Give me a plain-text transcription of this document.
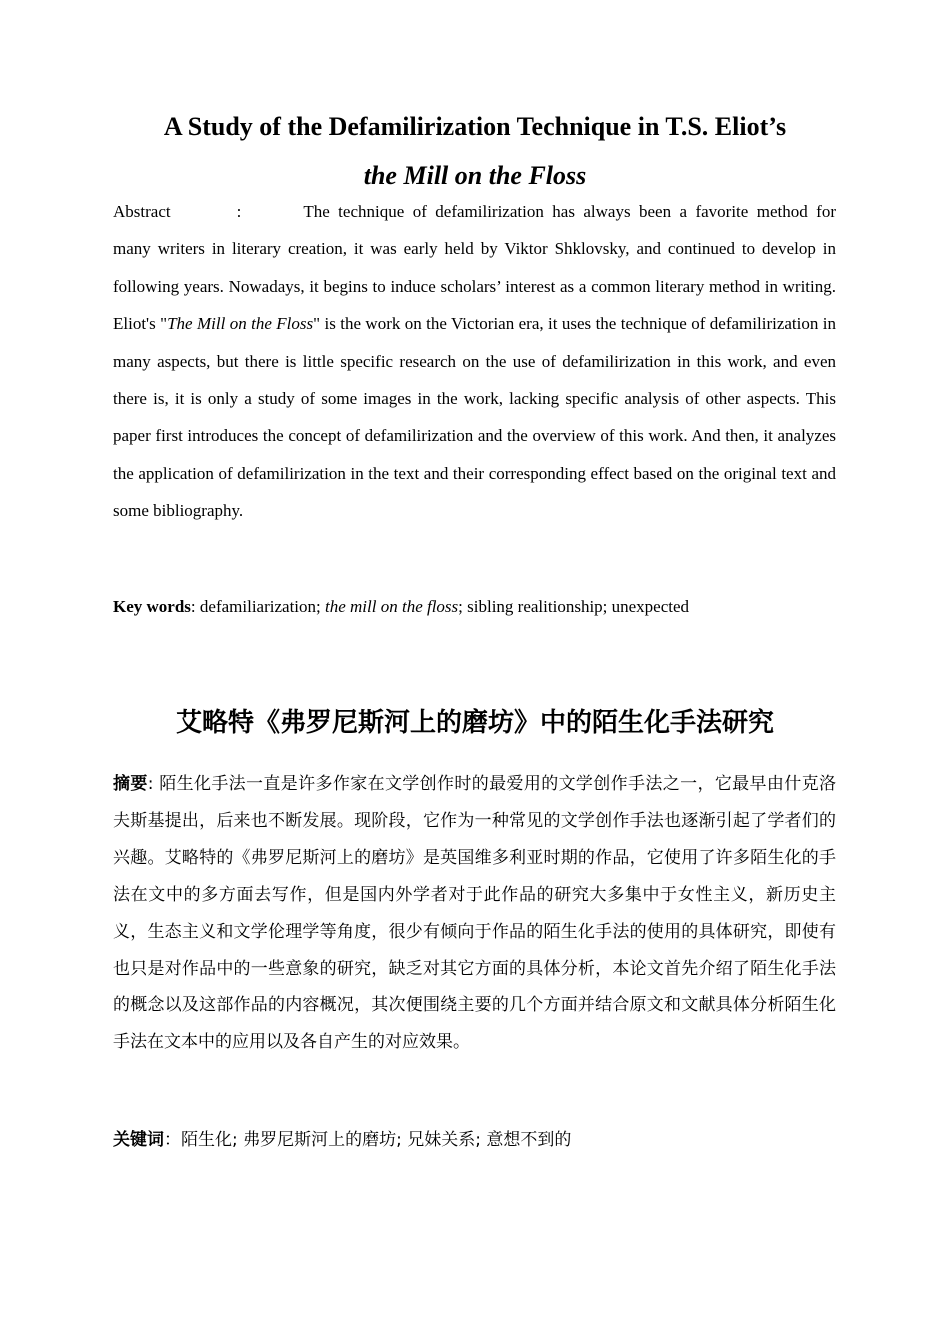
A Study of the Defamilirization Technique in T.S. Eliot’s
the Mill on the Floss

Abstract	:	The technique of defamilirization has always been a favorite method for many writers in literary creation, it was early held by Viktor Shklovsky, and continued to develop in following years. Nowadays, it begins to induce scholars’ interest as a common literary method in writing. Eliot's "The Mill on the Floss" is the work on the Victorian era, it uses the technique of defamilirization in many aspects, but there is little specific research on the use of defamilirization in this work, and even there is, it is only a study of some images in the work, lacking specific analysis of other aspects. This paper first introduces the concept of defamilirization and the overview of this work. And then, it analyzes the application of defamilirization in the text and their corresponding effect based on the original text and some bibliography.

Key words: defamiliarization; the mill on the floss; sibling realitionship; unexpected

艾略特《弗罗尼斯河上的磨坊》中的陌生化手法研究

摘要: 陌生化手法一直是许多作家在文学创作时的最爱用的文学创作手法之一，它最早由什克洛夫斯基提出，后来也不断发展。现阶段，它作为一种常见的文学创作手法也逐渐引起了学者们的兴趣。艾略特的《弗罗尼斯河上的磨坊》是英国维多利亚时期的作品，它使用了许多陌生化的手法在文中的多方面去写作，但是国内外学者对于此作品的研究大多集中于女性主义，新历史主义，生态主义和文学伦理学等角度，很少有倾向于作品的陌生化手法的使用的具体研究，即使有也只是对作品中的一些意象的研究，缺乏对其它方面的具体分析，本论文首先介绍了陌生化手法的概念以及这部作品的内容概况，其次便围绕主要的几个方面并结合原文和文献具体分析陌生化手法在文本中的应用以及各自产生的对应效果。

关键词：陌生化; 弗罗尼斯河上的磨坊; 兄妹关系; 意想不到的
